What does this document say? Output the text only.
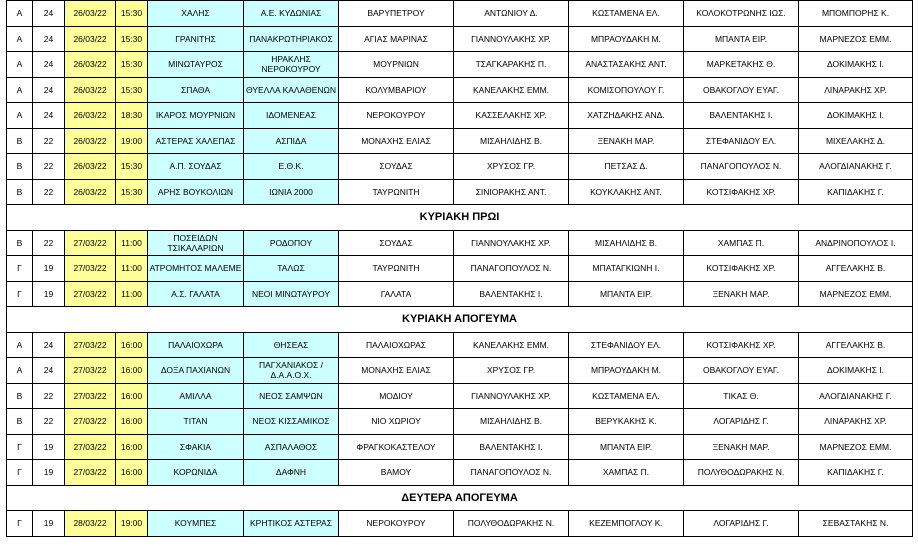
Α	24	26/03/22	15:30	ΧΑΛΗΣ	Α.Ε. ΚΥΔΩΝΙΑΣ	ΒΑΡΥΠΕΤΡΟΥ	ΑΝΤΩΝΙΟΥ Δ.	ΚΩΣΤΑΜΕΝΑ ΕΛ.	ΚΟΛΟΚΟΤΡΩΝΗΣ ΙΩΣ.	ΜΠΟΜΠΟΡΗΣ Κ.
Α	24	26/03/22	15:30	ΓΡΑΝΙΤΗΣ	ΠΑΝΑΚΡΩΤΗΡΙΑΚΟΣ	ΑΓΙΑΣ ΜΑΡΙΝΑΣ	ΓΙΑΝΝΟΥΛΑΚΗΣ ΧΡ.	ΜΠΡΑΟΥΔΑΚΗ Μ.	ΜΠΑΝΤΑ ΕΙΡ.	ΜΑΡΝΕΖΟΣ ΕΜΜ.
Α	24	26/03/22	15:30	ΜΙΝΩΤΑΥΡΟΣ	ΗΡΑΚΛΗΣ ΝΕΡΟΚΟΥΡΟΥ	ΜΟΥΡΝΙΩΝ	ΤΣΑΓΚΑΡΑΚΗΣ Π.	ΑΝΑΣΤΑΣΑΚΗΣ ΑΝΤ.	ΜΑΡΚΕΤΑΚΗΣ Θ.	ΔΟΚΙΜΑΚΗΣ Ι.
Α	24	26/03/22	15:30	ΣΠΑΘΑ	ΘΥΕΛΛΑ ΚΑΛΑΘΕΝΩΝ	ΚΟΛΥΜΒΑΡΙΟΥ	ΚΑΝΕΛΑΚΗΣ ΕΜΜ.	ΚΟΜΙΣΟΠΟΥΛΟΥ Γ.	ΟΒΑΚΟΓΛΟΥ ΕΥΑΓ.	ΛΙΝΑΡΑΚΗΣ ΧΡ.
Α	24	26/03/22	18:30	ΙΚΑΡΟΣ ΜΟΥΡΝΙΩΝ	ΙΔΟΜΕΝΕΑΣ	ΝΕΡΟΚΟΥΡΟΥ	ΚΑΣΣΕΛΑΚΗΣ ΧΡ.	ΧΑΤΖΗΔΑΚΗΣ ΑΝΔ.	ΒΑΛΕΝΤΑΚΗΣ Ι.	ΔΟΚΙΜΑΚΗΣ Ι.
Β	22	26/03/22	19:00	ΑΣΤΕΡΑΣ ΧΑΛΕΠΑΣ	ΑΣΠΙΔΑ	ΜΟΝΑΧΗΣ ΕΛΙΑΣ	ΜΙΣΑΗΛΙΔΗΣ Β.	ΞΕΝΑΚΗ ΜΑΡ.	ΣΤΕΦΑΝΙΔΟΥ ΕΛ.	ΜΙΧΕΛΑΚΗΣ Δ.
Β	22	26/03/22	15:30	Α.Π. ΣΟΥΔΑΣ	Ε.Θ.Κ.	ΣΟΥΔΑΣ	ΧΡΥΣΟΣ ΓΡ.	ΠΕΤΣΑΣ Δ.	ΠΑΝΑΓΟΠΟΥΛΟΣ Ν.	ΑΛΟΓΔΙΑΝΑΚΗΣ Γ.
Β	22	26/03/22	15:30	ΑΡΗΣ ΒΟΥΚΟΛΙΩΝ	ΙΩΝΙΑ 2000	ΤΑΥΡΩΝΙΤΗ	ΣΙΝΙΟΡΑΚΗΣ ΑΝΤ.	ΚΟΥΚΛΑΚΗΣ ΑΝΤ.	ΚΟΤΣΙΦΑΚΗΣ ΧΡ.	ΚΑΠΙΔΑΚΗΣ Γ.
ΚΥΡΙΑΚΗ ΠΡΩΙ										
Β	22	27/03/22	11:00	ΠΟΣΕΙΔΩΝ ΤΣΙΚΑΛΑΡΙΩΝ	ΡΟΔΟΠΟΥ	ΣΟΥΔΑΣ	ΓΙΑΝΝΟΥΛΑΚΗΣ ΧΡ.	ΜΙΣΑΗΛΙΔΗΣ Β.	ΧΑΜΠΑΣ Π.	ΑΝΔΡΙΝΟΠΟΥΛΟΣ Ι.
Γ	19	27/03/22	11:00	ΑΤΡΟΜΗΤΟΣ ΜΑΛΕΜΕ	ΤΑΛΩΣ	ΤΑΥΡΩΝΙΤΗ	ΠΑΝΑΓΟΠΟΥΛΟΣ Ν.	ΜΠΑΤΑΓΚΙΩΝΗ Ι.	ΚΟΤΣΙΦΑΚΗΣ ΧΡ.	ΑΓΓΕΛΑΚΗΣ Β.
Γ	19	27/03/22	11:00	Α.Σ. ΓΑΛΑΤΑ	ΝΕΟΙ ΜΙΝΩΤΑΥΡΟΥ	ΓΑΛΑΤΑ	ΒΑΛΕΝΤΑΚΗΣ Ι.	ΜΠΑΝΤΑ ΕΙΡ.	ΞΕΝΑΚΗ ΜΑΡ.	ΜΑΡΝΕΖΟΣ ΕΜΜ.
ΚΥΡΙΑΚΗ ΑΠΟΓΕΥΜΑ										
Α	24	27/03/22	16:00	ΠΑΛΑΙΟΧΩΡΑ	ΘΗΣΕΑΣ	ΠΑΛΑΙΟΧΩΡΑΣ	ΚΑΝΕΛΑΚΗΣ ΕΜΜ.	ΣΤΕΦΑΝΙΔΟΥ ΕΛ.	ΚΟΤΣΙΦΑΚΗΣ ΧΡ.	ΑΓΓΕΛΑΚΗΣ Β.
Α	24	27/03/22	16:00	ΔΟΞΑ ΠΑΧΙΑΝΩΝ	ΠΑΓΧΑΝΙΑΚΟΣ / Δ.Α.Α.Ο.Χ.	ΜΟΝΑΧΗΣ ΕΛΙΑΣ	ΧΡΥΣΟΣ ΓΡ.	ΜΠΡΑΟΥΔΑΚΗ Μ.	ΟΒΑΚΟΓΛΟΥ ΕΥΑΓ.	ΔΟΚΙΜΑΚΗΣ Ι.
Β	22	27/03/22	16:00	ΑΜΙΛΛΑ	ΝΕΟΣ ΣΑΜΨΩΝ	ΜΟΔΙΟΥ	ΓΙΑΝΝΟΥΛΑΚΗΣ ΧΡ.	ΚΩΣΤΑΜΕΝΑ ΕΛ.	ΤΙΚΑΣ Θ.	ΑΛΟΓΔΙΑΝΑΚΗΣ Γ.
Β	22	27/03/22	16:00	ΤΙΤΑΝ	ΝΕΟΣ ΚΙΣΣΑΜΙΚΟΣ	ΝΙΟ ΧΩΡΙΟΥ	ΜΙΣΑΗΛΙΔΗΣ Β.	ΒΕΡΥΚΑΚΗΣ Κ.	ΛΟΓΑΡΙΔΗΣ Γ.	ΛΙΝΑΡΑΚΗΣ ΧΡ.
Γ	19	27/03/22	16:00	ΣΦΑΚΙΑ	ΑΣΠΑΛΑΘΟΣ	ΦΡΑΓΚΟΚΑΣΤΕΛΟΥ	ΒΑΛΕΝΤΑΚΗΣ Ι.	ΜΠΑΝΤΑ ΕΙΡ.	ΞΕΝΑΚΗ ΜΑΡ.	ΜΑΡΝΕΖΟΣ ΕΜΜ.
Γ	19	27/03/22	16:00	ΚΟΡΩΝΙΔΑ	ΔΑΦΝΗ	ΒΑΜΟΥ	ΠΑΝΑΓΟΠΟΥΛΟΣ Ν.	ΧΑΜΠΑΣ Π.	ΠΟΛΥΘΟΔΩΡΑΚΗΣ Ν.	ΚΑΠΙΔΑΚΗΣ Γ.
ΔΕΥΤΕΡΑ ΑΠΟΓΕΥΜΑ										
Γ	19	28/03/22	19:00	ΚΟΥΜΠΕΣ	ΚΡΗΤΙΚΟΣ ΑΣΤΕΡΑΣ	ΝΕΡΟΚΟΥΡΟΥ	ΠΟΛΥΘΟΔΩΡΑΚΗΣ Ν.	ΚΕΖΕΜΠΟΓΛΟΥ Κ.	ΛΟΓΑΡΙΔΗΣ Γ.	ΣΕΒΑΣΤΑΚΗΣ Ν.
